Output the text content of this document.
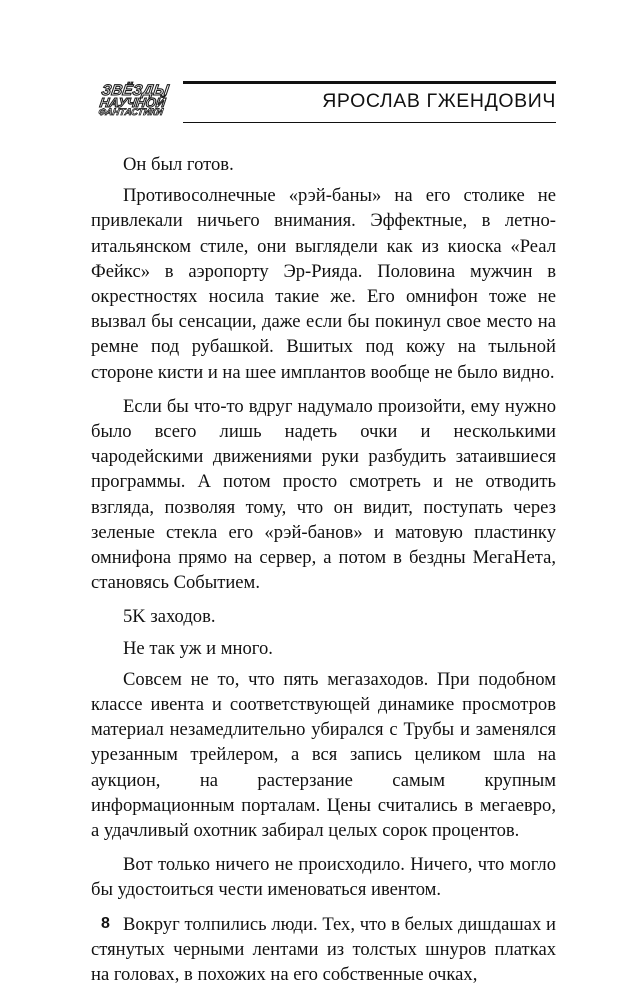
ЗВЁЗДЫ
НАУЧНОЙ
ФАНТАСТИКИ
ЯРОСЛАВ ГЖЕНДОВИЧ

Он был готов.

Противосолнечные «рэй-баны» на его столике не привлекали ничьего внимания. Эффектные, в летно-итальянском стиле, они выглядели как из киоска «Реал Фейкс» в аэропорту Эр-Рияда. Половина мужчин в окрестностях носила такие же. Его омнифон тоже не вызвал бы сенсации, даже если бы покинул свое место на ремне под рубашкой. Вшитых под кожу на тыльной стороне кисти и на шее имплантов вообще не было видно.

Если бы что-то вдруг надумало произойти, ему нужно было всего лишь надеть очки и несколькими чародейскими движениями руки разбудить затаившиеся программы. А потом просто смотреть и не отводить взгляда, позволяя тому, что он видит, поступать через зеленые стекла его «рэй-банов» и матовую пластинку омнифона прямо на сервер, а потом в бездны МегаНета, становясь Событием.

5K заходов.

Не так уж и много.

Совсем не то, что пять мегазаходов. При подобном классе ивента и соответствующей динамике просмотров материал незамедлительно убирался с Трубы и заменялся урезанным трейлером, а вся запись целиком шла на аукцион, на растерзание самым крупным информационным порталам. Цены считались в мегаевро, а удачливый охотник забирал целых сорок процентов.

Вот только ничего не происходило. Ничего, что могло бы удостоиться чести именоваться ивентом.

Вокруг толпились люди. Тех, что в белых дишдашах и стянутых черными лентами из толстых шнуров платках на головах, в похожих на его собственные очках,

8
